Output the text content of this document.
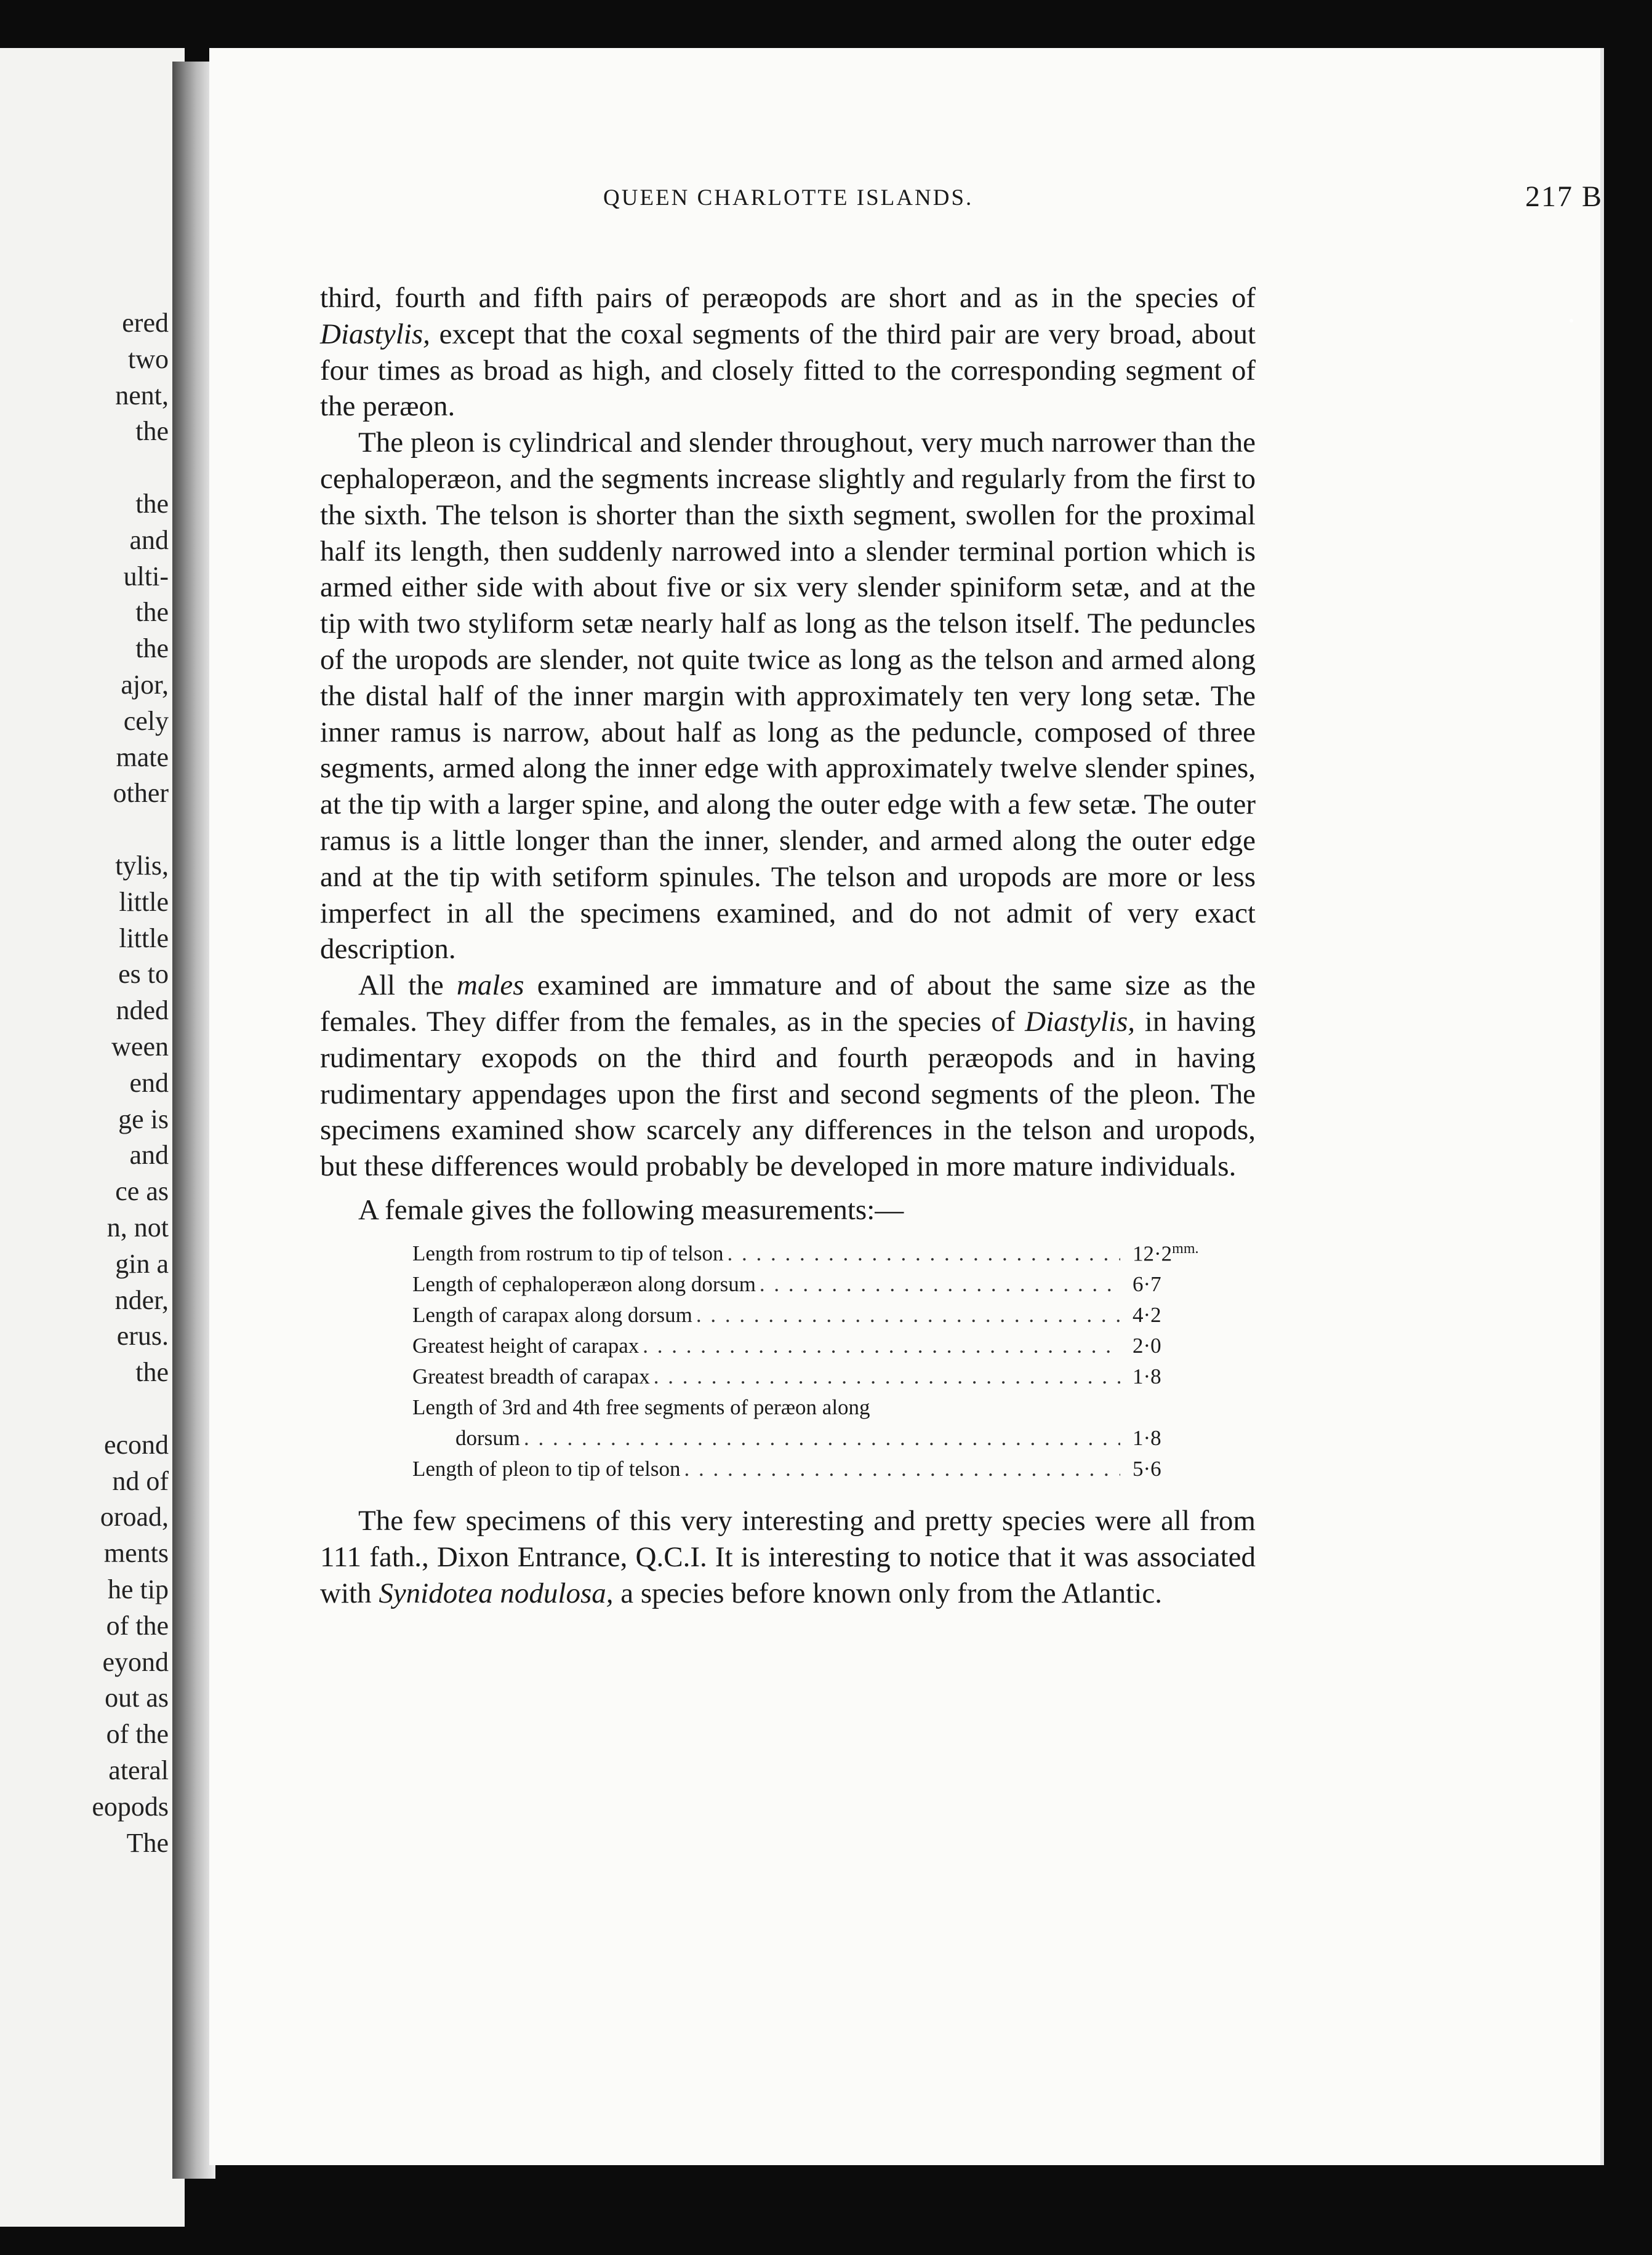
ered
two
nent,
the
the
and
ulti-
the
the
ajor,
cely
mate
other
tylis,
little
little
es to
nded
ween
end
ge is
and
ce as
n, not
gin a
nder,
erus.
the
econd
nd of
oroad,
ments
he tip
of the
eyond
out as
of the
ateral
eopods
The
QUEEN CHARLOTTE ISLANDS.	217 B

third, fourth and fifth pairs of peræopods are short and as in the species of Diastylis, except that the coxal segments of the third pair are very broad, about four times as broad as high, and closely fitted to the corresponding segment of the peræon.

The pleon is cylindrical and slender throughout, very much narrower than the cephaloperæon, and the segments increase slightly and regularly from the first to the sixth. The telson is shorter than the sixth segment, swollen for the proximal half its length, then suddenly narrowed into a slender terminal portion which is armed either side with about five or six very slender spiniform setæ, and at the tip with two styliform setæ nearly half as long as the telson itself. The peduncles of the uropods are slender, not quite twice as long as the telson and armed along the distal half of the inner margin with approximately ten very long setæ. The inner ramus is narrow, about half as long as the peduncle, composed of three segments, armed along the inner edge with approximately twelve slender spines, at the tip with a larger spine, and along the outer edge with a few setæ. The outer ramus is a little longer than the inner, slender, and armed along the outer edge and at the tip with setiform spinules. The telson and uropods are more or less imperfect in all the specimens examined, and do not admit of very exact description.

All the males examined are immature and of about the same size as the females. They differ from the females, as in the species of Diastylis, in having rudimentary exopods on the third and fourth peræopods and in having rudimentary appendages upon the first and second segments of the pleon. The specimens examined show scarcely any differences in the telson and uropods, but these differences would probably be developed in more mature individuals.

A female gives the following measurements:—

Length from rostrum to tip of telson . . .	$12\cdot 2^{mm.}$
Length of cephaloperæon along dorsum . . .	6·7
Length of carapax along dorsum . . .	4·2
Greatest height of carapax . . .	2·0
Greatest breadth of carapax . . .	1·8
Length of 3rd and 4th free segments of peræon along
dorsum . . .	1·8
Length of pleon to tip of telson . . .	5·6

The few specimens of this very interesting and pretty species were all from 111 fath., Dixon Entrance, Q.C.I. It is interesting to notice that it was associated with Synidotea nodulosa, a species before known only from the Atlantic.
